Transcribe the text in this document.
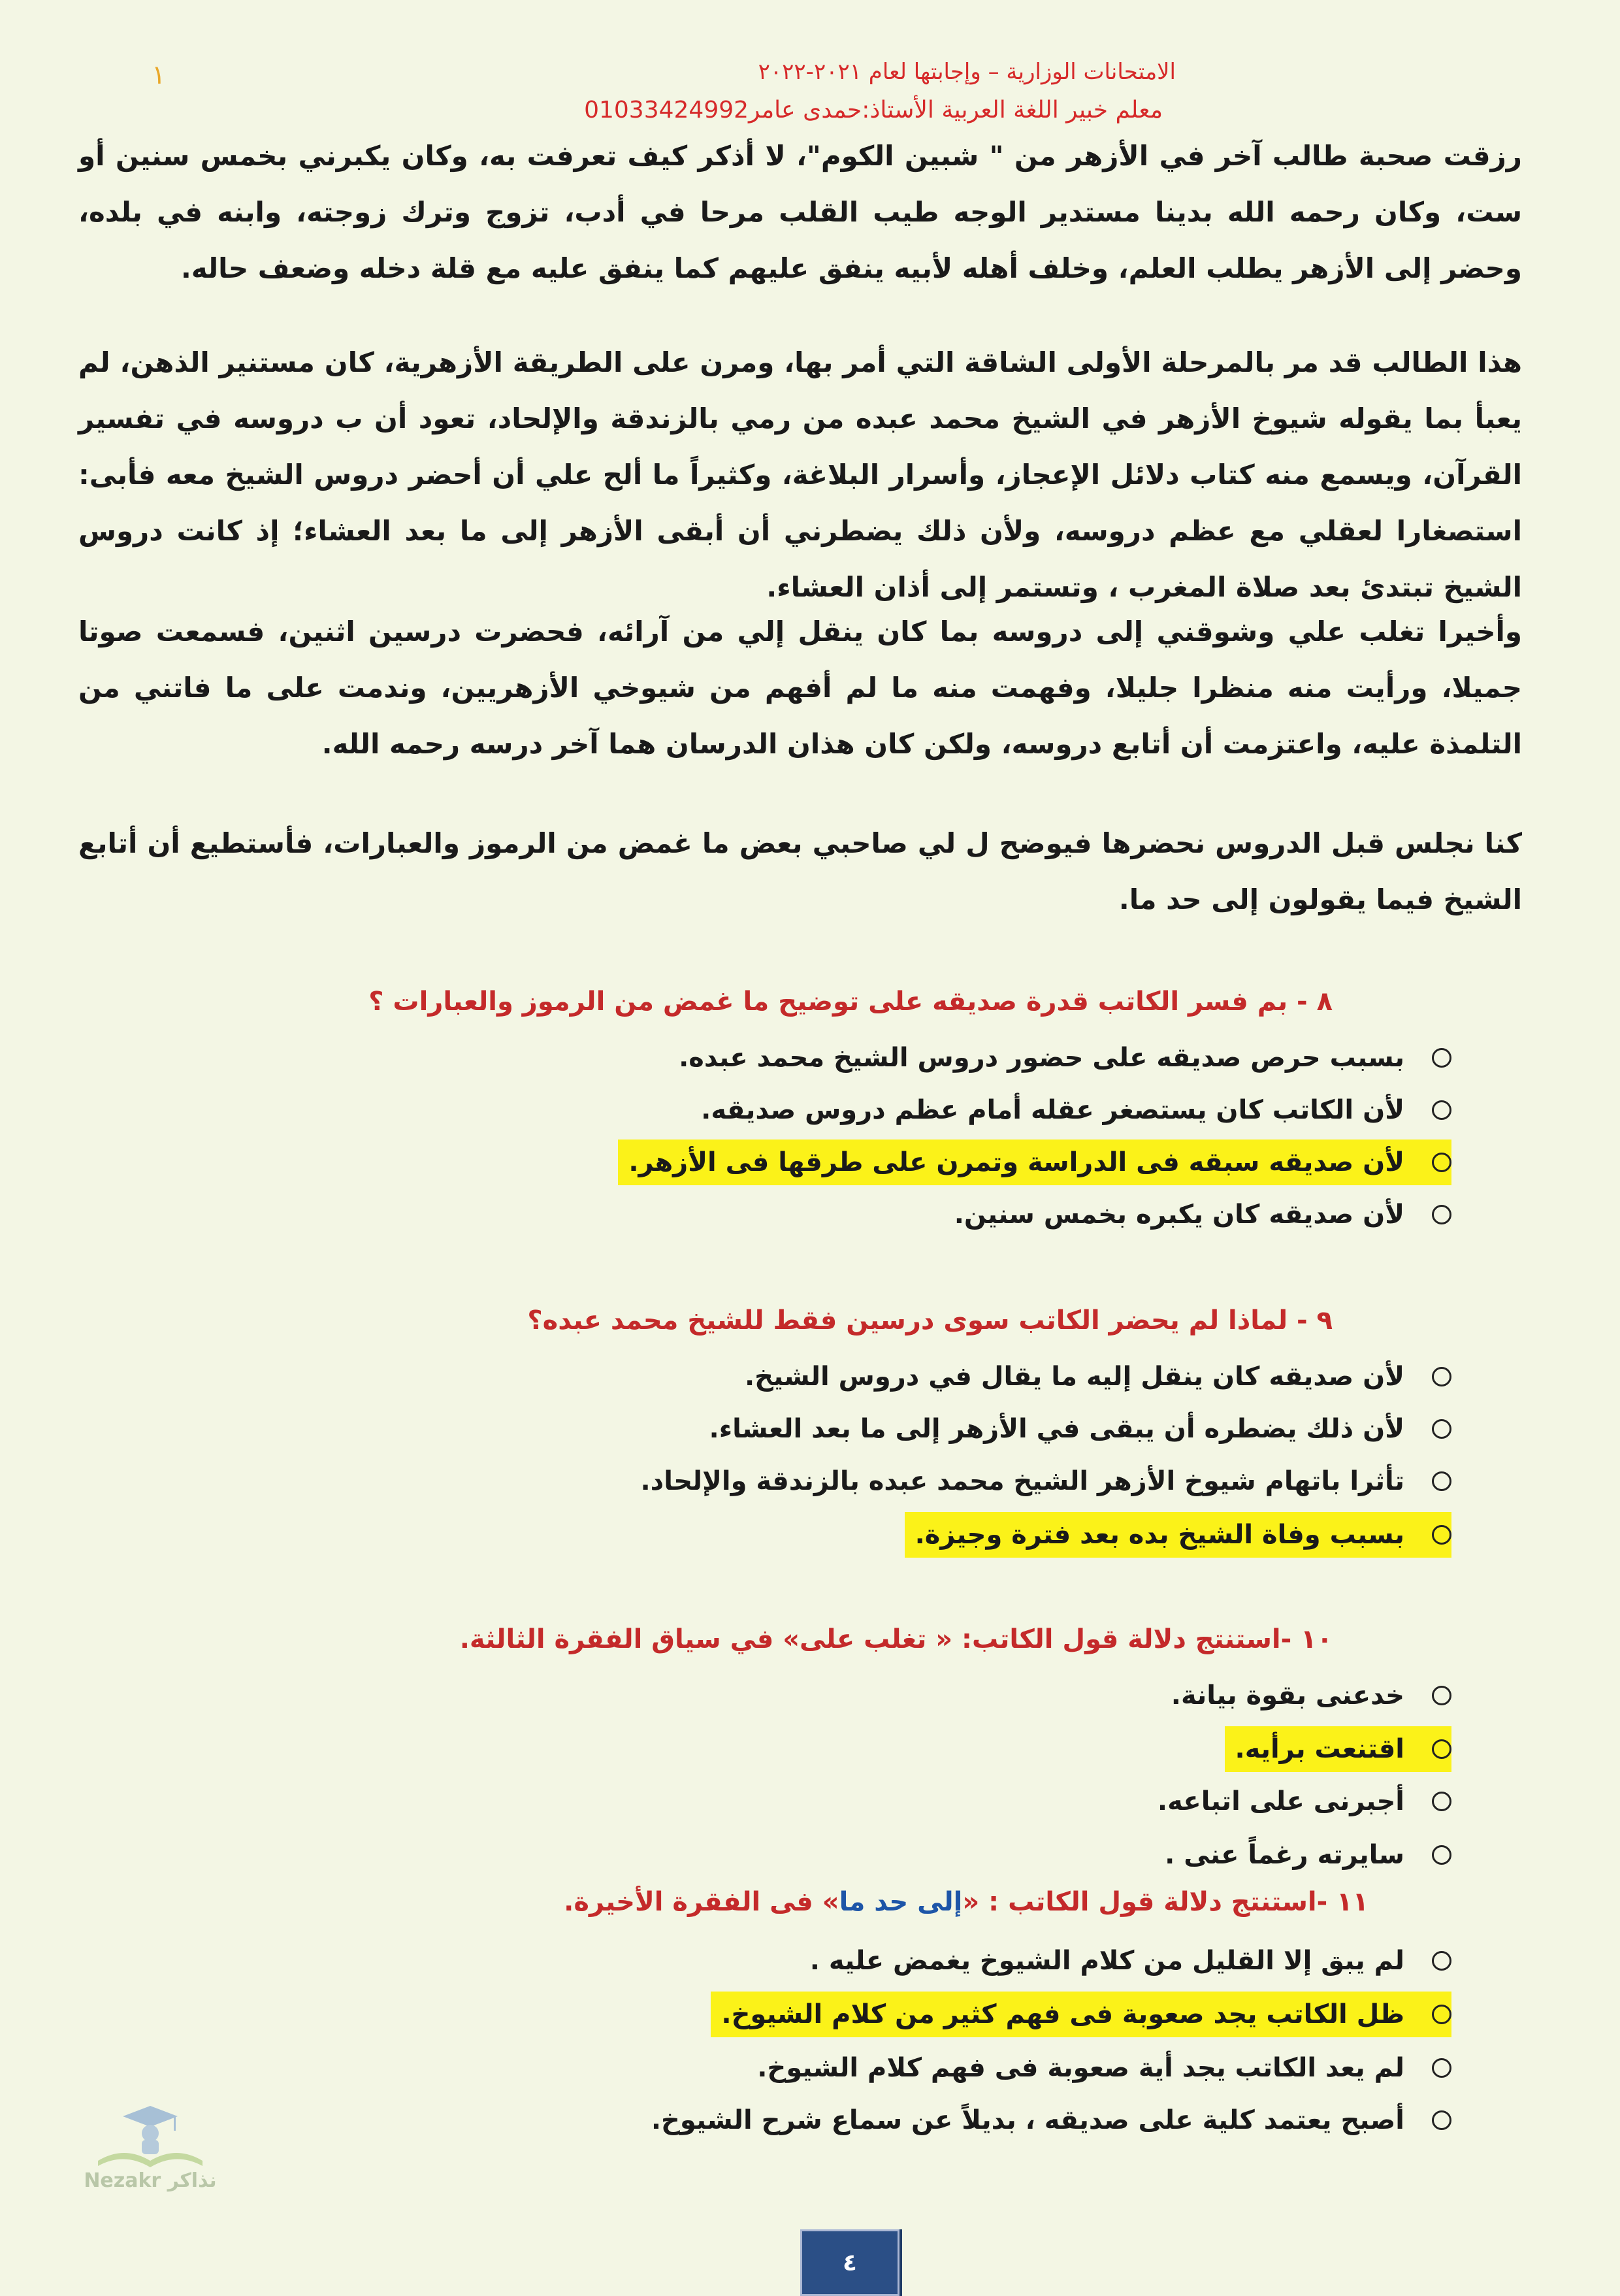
١	الامتحانات الوزارية – وإجابتها لعام ٢٠٢١-٢٠٢٢
معلم خبير اللغة العربية الأستاذ:حمدى عامر01033424992

رزقت صحبة طالب آخر في الأزهر من " شبين الكوم"، لا أذكر كيف تعرفت به، وكان يكبرني بخمس سنين أو ست، وكان رحمه الله بدينا مستدير الوجه طيب القلب مرحا في أدب، تزوج وترك زوجته، وابنه في بلده، وحضر إلى الأزهر يطلب العلم، وخلف أهله لأبيه ينفق عليهم كما ينفق عليه مع قلة دخله وضعف حاله.

هذا الطالب قد مر بالمرحلة الأولى الشاقة التي أمر بها، ومرن على الطريقة الأزهرية، كان مستنير الذهن، لم يعبأ بما يقوله شيوخ الأزهر في الشيخ محمد عبده من رمي بالزندقة والإلحاد، تعود أن ب دروسه في تفسير القرآن، ويسمع منه كتاب دلائل الإعجاز، وأسرار البلاغة، وكثيراً ما ألح علي أن أحضر دروس الشيخ معه فأبى: استصغارا لعقلي مع عظم دروسه، ولأن ذلك يضطرني أن أبقى الأزهر إلى ما بعد العشاء؛ إذ كانت دروس الشيخ تبتدئ بعد صلاة المغرب ، وتستمر إلى أذان العشاء.

وأخيرا تغلب علي وشوقني إلى دروسه بما كان ينقل إلي من آرائه، فحضرت درسين اثنين، فسمعت صوتا جميلا، ورأيت منه منظرا جليلا، وفهمت منه ما لم أفهم من شيوخي الأزهريين، وندمت على ما فاتني من التلمذة عليه، واعتزمت أن أتابع دروسه، ولكن كان هذان الدرسان هما آخر درسه رحمه الله.

كنا نجلس قبل الدروس نحضرها فيوضح ل لي صاحبي بعض ما غمض من الرموز والعبارات، فأستطيع أن أتابع الشيخ فيما يقولون إلى حد ما.

٨ - بم فسر الكاتب قدرة صديقه على توضيح ما غمض من الرموز والعبارات ؟
بسبب حرص صديقه على حضور دروس الشيخ محمد عبده.
لأن الكاتب كان يستصغر عقله أمام عظم دروس صديقه.
لأن صديقه سبقه فى الدراسة وتمرن على طرقها فى الأزهر.
لأن صديقه كان يكبره بخمس سنين.
٩ - لماذا لم يحضر الكاتب سوى درسين فقط للشيخ محمد عبده؟
لأن صديقه كان ينقل إليه ما يقال في دروس الشيخ.
لأن ذلك يضطره أن يبقى في الأزهر إلى ما بعد العشاء.
تأثرا باتهام شيوخ الأزهر الشيخ محمد عبده بالزندقة والإلحاد.
بسبب وفاة الشيخ بده بعد فترة وجيزة.
١٠ -استنتج دلالة قول الكاتب: « تغلب على» في سياق الفقرة الثالثة.
خدعنى بقوة بيانة.
اقتنعت برأيه.
أجبرنى على اتباعه.
سايرته رغماً عنى .
١١ -استنتج دلالة قول الكاتب : «إلى حد ما» فى الفقرة الأخيرة.
لم يبق إلا القليل من كلام الشيوخ يغمض عليه .
ظل الكاتب يجد صعوبة فى فهم كثير من كلام الشيوخ.
لم يعد الكاتب يجد أية صعوبة فى فهم كلام الشيوخ.
أصبح يعتمد كلية على صديقه ، بديلاً عن سماع شرح الشيوخ.
Nezakr نذاكر
٤
